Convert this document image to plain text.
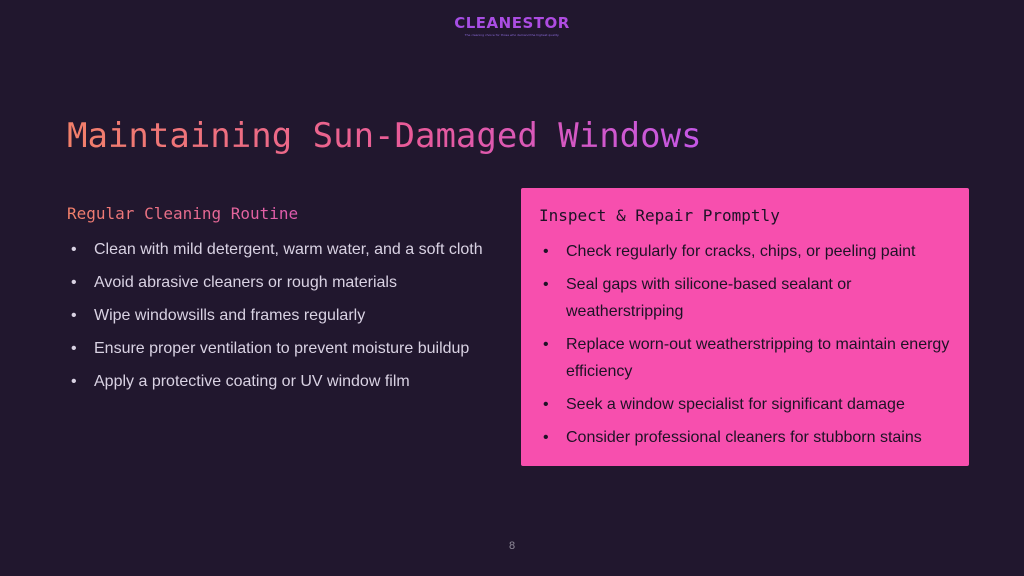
CLEANESTOR
The cleaning choice for those who demand the highest quality.
Maintaining Sun-Damaged Windows
Regular Cleaning Routine
• Clean with mild detergent, warm water, and a soft cloth
• Avoid abrasive cleaners or rough materials
• Wipe windowsills and frames regularly
• Ensure proper ventilation to prevent moisture buildup
• Apply a protective coating or UV window film
Inspect & Repair Promptly
• Check regularly for cracks, chips, or peeling paint
• Seal gaps with silicone-based sealant or weatherstripping
• Replace worn-out weatherstripping to maintain energy efficiency
• Seek a window specialist for significant damage
• Consider professional cleaners for stubborn stains
8
